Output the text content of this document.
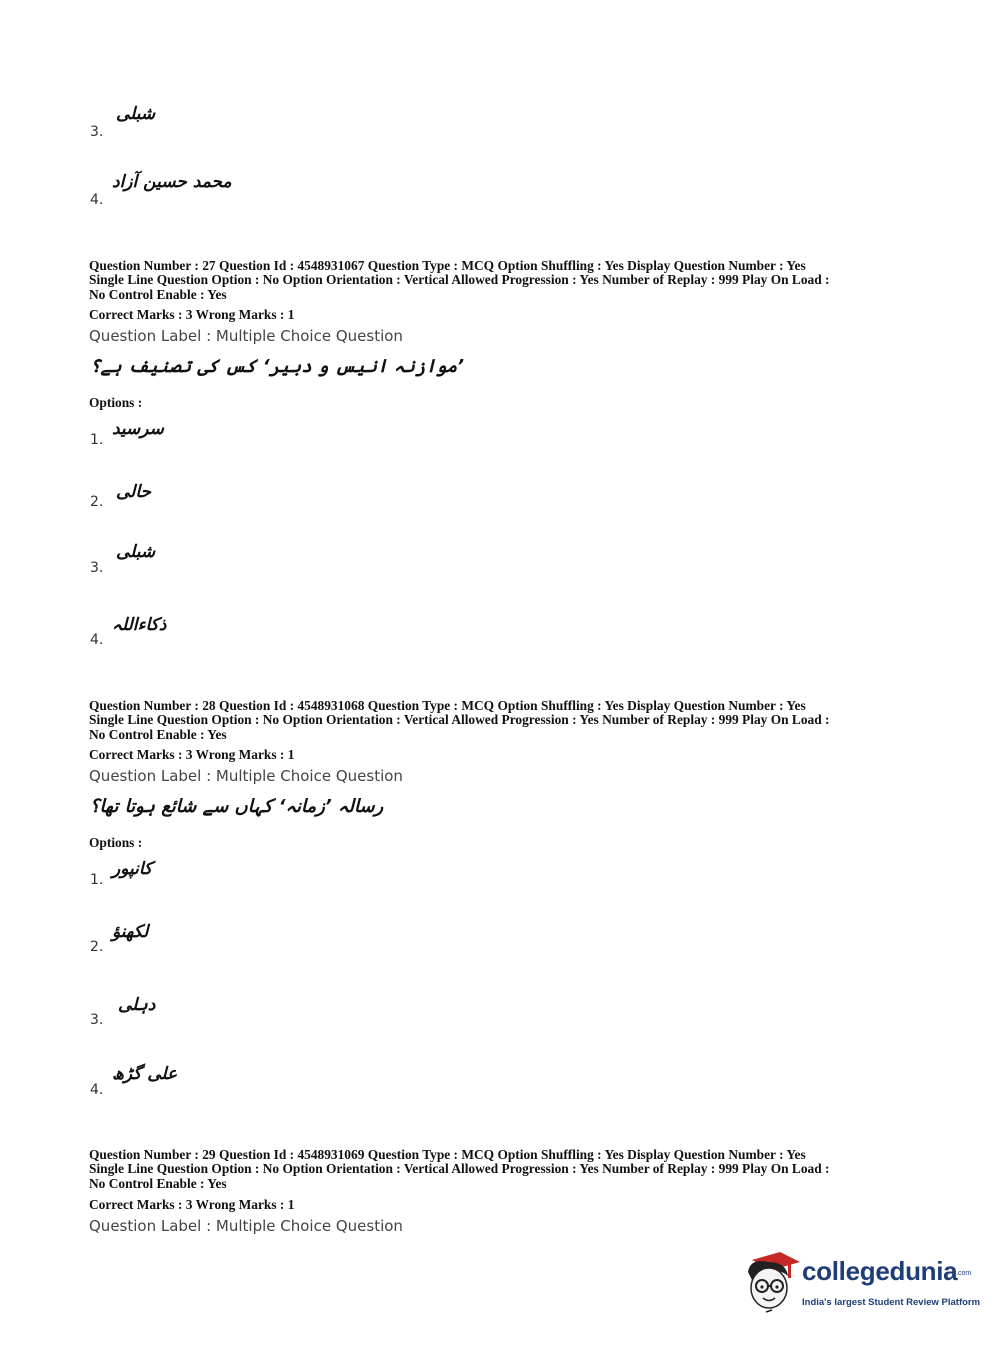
شبلی
3.
محمد حسین آزاد
4.
Question Number : 27 Question Id : 4548931067 Question Type : MCQ Option Shuffling : Yes Display Question Number : Yes
Single Line Question Option : No Option Orientation : Vertical Allowed Progression : Yes Number of Replay : 999 Play On Load :
No Control Enable : Yes
Correct Marks : 3 Wrong Marks : 1
Question Label : Multiple Choice Question
’موازنہ انیس و دبیر‘ کس کی تصنیف ہے؟
Options :
سرسید
1.
حالی
2.
شبلی
3.
ذکاءاللہ
4.
Question Number : 28 Question Id : 4548931068 Question Type : MCQ Option Shuffling : Yes Display Question Number : Yes
Single Line Question Option : No Option Orientation : Vertical Allowed Progression : Yes Number of Replay : 999 Play On Load :
No Control Enable : Yes
Correct Marks : 3 Wrong Marks : 1
Question Label : Multiple Choice Question
رسالہ ’زمانہ‘ کہاں سے شائع ہوتا تھا؟
Options :
کانپور
1.
لکھنؤ
2.
دہلی
3.
علی گڑھ
4.
Question Number : 29 Question Id : 4548931069 Question Type : MCQ Option Shuffling : Yes Display Question Number : Yes
Single Line Question Option : No Option Orientation : Vertical Allowed Progression : Yes Number of Replay : 999 Play On Load :
No Control Enable : Yes
Correct Marks : 3 Wrong Marks : 1
Question Label : Multiple Choice Question
collegedunia
.com
India's largest Student Review Platform
